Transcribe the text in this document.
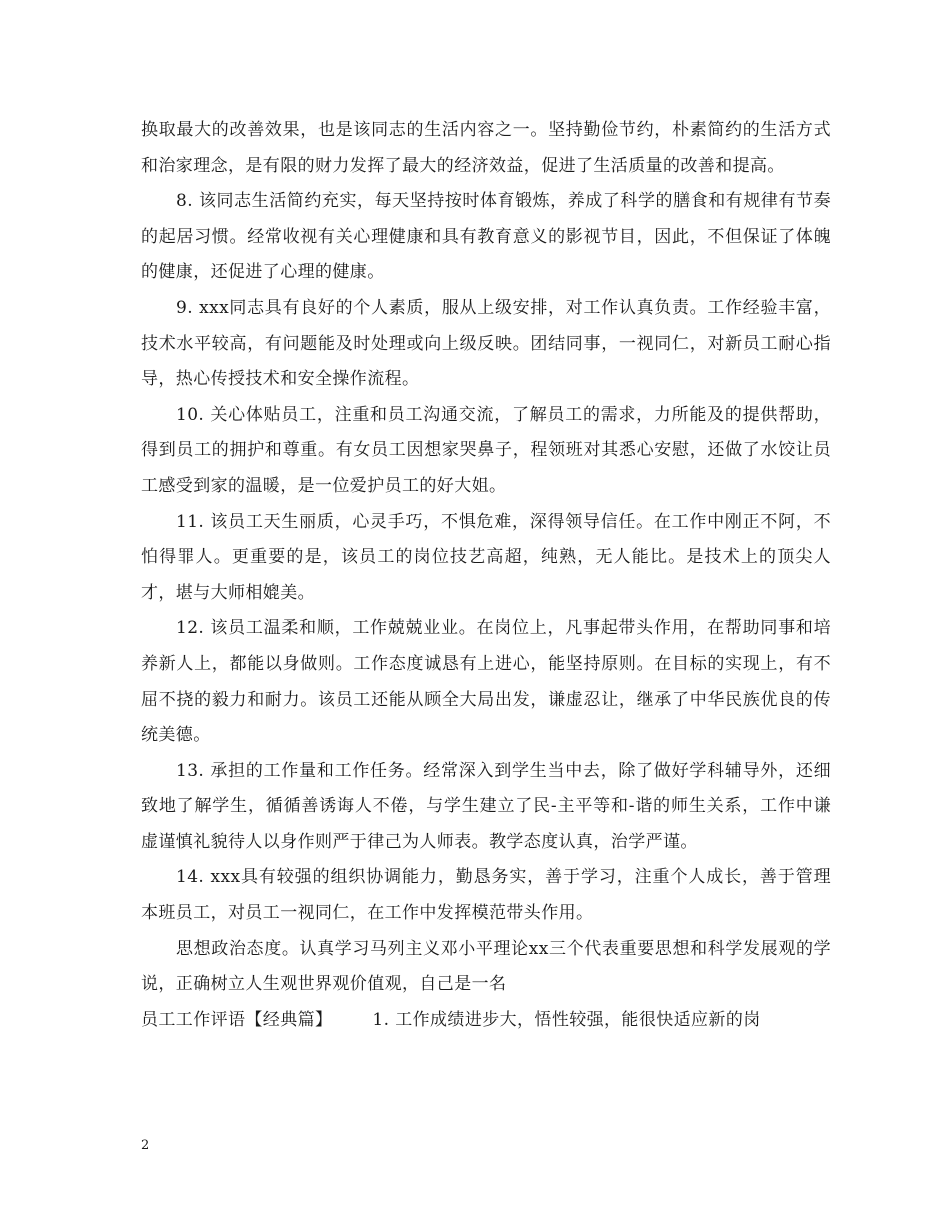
换取最大的改善效果，也是该同志的生活内容之一。坚持勤俭节约，朴素简约的生活方式和治家理念，是有限的财力发挥了最大的经济效益，促进了生活质量的改善和提高。

8. 该同志生活简约充实，每天坚持按时体育锻炼，养成了科学的膳食和有规律有节奏的起居习惯。经常收视有关心理健康和具有教育意义的影视节目，因此，不但保证了体魄的健康，还促进了心理的健康。

9. xxx同志具有良好的个人素质，服从上级安排，对工作认真负责。工作经验丰富，技术水平较高，有问题能及时处理或向上级反映。团结同事，一视同仁，对新员工耐心指导，热心传授技术和安全操作流程。

10. 关心体贴员工，注重和员工沟通交流，了解员工的需求，力所能及的提供帮助，得到员工的拥护和尊重。有女员工因想家哭鼻子，程领班对其悉心安慰，还做了水饺让员工感受到家的温暖，是一位爱护员工的好大姐。

11. 该员工天生丽质，心灵手巧，不惧危难，深得领导信任。在工作中刚正不阿，不怕得罪人。更重要的是，该员工的岗位技艺高超，纯熟，无人能比。是技术上的顶尖人才，堪与大师相媲美。

12. 该员工温柔和顺，工作兢兢业业。在岗位上，凡事起带头作用，在帮助同事和培养新人上，都能以身做则。工作态度诚恳有上进心，能坚持原则。在目标的实现上，有不屈不挠的毅力和耐力。该员工还能从顾全大局出发，谦虚忍让，继承了中华民族优良的传统美德。

13. 承担的工作量和工作任务。经常深入到学生当中去，除了做好学科辅导外，还细致地了解学生，循循善诱诲人不倦，与学生建立了民-主平等和-谐的师生关系，工作中谦虚谨慎礼貌待人以身作则严于律己为人师表。教学态度认真，治学严谨。

14. xxx具有较强的组织协调能力，勤恳务实，善于学习，注重个人成长，善于管理本班员工，对员工一视同仁，在工作中发挥模范带头作用。

思想政治态度。认真学习马列主义邓小平理论xx三个代表重要思想和科学发展观的学说，正确树立人生观世界观价值观，自己是一名

员工工作评语【经典篇】 1. 工作成绩进步大，悟性较强，能很快适应新的岗

2
